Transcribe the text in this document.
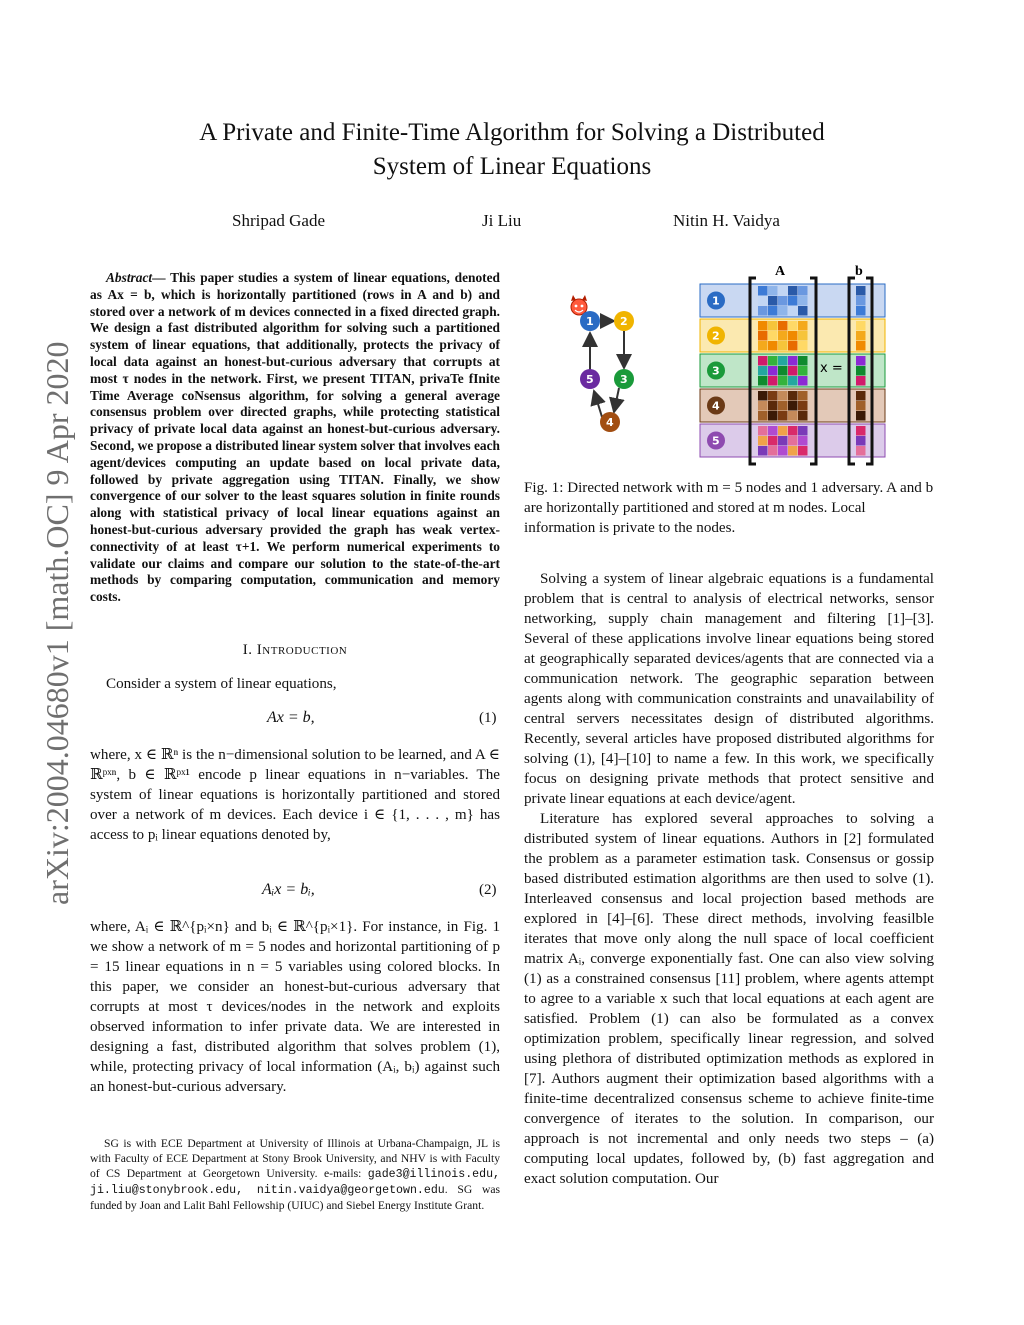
arXiv:2004.04680v1 [math.OC] 9 Apr 2020
A Private and Finite-Time Algorithm for Solving a Distributed
System of Linear Equations
Shripad Gade	Ji Liu	Nitin H. Vaidya
Abstract— This paper studies a system of linear equations, denoted as Ax = b, which is horizontally partitioned (rows in A and b) and stored over a network of m devices connected in a fixed directed graph. We design a fast distributed algorithm for solving such a partitioned system of linear equations, that additionally, protects the privacy of local data against an honest-but-curious adversary that corrupts at most τ nodes in the network. First, we present TITAN, privaTe fInite Time Average coNsensus algorithm, for solving a general average consensus problem over directed graphs, while protecting statistical privacy of private local data against an honest-but-curious adversary. Second, we propose a distributed linear system solver that involves each agent/devices computing an update based on local private data, followed by private aggregation using TITAN. Finally, we show convergence of our solver to the least squares solution in finite rounds along with statistical privacy of local linear equations against an honest-but-curious adversary provided the graph has weak vertex-connectivity of at least τ+1. We perform numerical experiments to validate our claims and compare our solution to the state-of-the-art methods by comparing computation, communication and memory costs.
I. Introduction

Consider a system of linear equations,

Ax = b,	(1)

where, x ∈ ℝⁿ is the n−dimensional solution to be learned, and A ∈ ℝᵖˣⁿ, b ∈ ℝᵖˣ¹ encode p linear equations in n−variables. The system of linear equations is horizontally partitioned and stored over a network of m devices. Each device i ∈ {1, . . . , m} has access to pᵢ linear equations denoted by,

Aᵢx = bᵢ,	(2)

where, Aᵢ ∈ ℝ^{pᵢ×n} and bᵢ ∈ ℝ^{pᵢ×1}. For instance, in Fig. 1 we show a network of m = 5 nodes and horizontal partitioning of p = 15 linear equations in n = 5 variables using colored blocks. In this paper, we consider an honest-but-curious adversary that corrupts at most τ devices/nodes in the network and exploits observed information to infer private data. We are interested in designing a fast, distributed algorithm that solves problem (1), while, protecting privacy of local information (Aᵢ, bᵢ) against such an honest-but-curious adversary.

SG is with ECE Department at University of Illinois at Urbana-Champaign, JL is with Faculty of ECE Department at Stony Brook University, and NHV is with Faculty of CS Department at Georgetown University. e-mails: gade3@illinois.edu, ji.liu@stonybrook.edu, nitin.vaidya@georgetown.edu. SG was funded by Joan and Lalit Bahl Fellowship (UIUC) and Siebel Energy Institute Grant.

1 2
3
4
5
1
2
3
4
5
A	b
x =
Fig. 1: Directed network with m = 5 nodes and 1 adversary. A and b are horizontally partitioned and stored at m nodes. Local information is private to the nodes.

Solving a system of linear algebraic equations is a fundamental problem that is central to analysis of electrical networks, sensor networking, supply chain management and filtering [1]–[3]. Several of these applications involve linear equations being stored at geographically separated devices/agents that are connected via a communication network. The geographic separation between agents along with communication constraints and unavailability of central servers necessitates design of distributed algorithms. Recently, several articles have proposed distributed algorithms for solving (1), [4]–[10] to name a few. In this work, we specifically focus on designing private methods that protect sensitive and private linear equations at each device/agent.

Literature has explored several approaches to solving a distributed system of linear equations. Authors in [2] formulated the problem as a parameter estimation task. Consensus or gossip based distributed estimation algorithms are then used to solve (1). Interleaved consensus and local projection based methods are explored in [4]–[6]. These direct methods, involving feasilble iterates that move only along the null space of local coefficient matrix Aᵢ, converge exponentially fast. One can also view solving (1) as a constrained consensus [11] problem, where agents attempt to agree to a variable x such that local equations at each agent are satisfied. Problem (1) can also be formulated as a convex optimization problem, specifically linear regression, and solved using plethora of distributed optimization methods as explored in [7]. Authors augment their optimization based algorithms with a finite-time decentralized consensus scheme to achieve finite-time convergence of iterates to the solution. In comparison, our approach is not incremental and only needs two steps – (a) computing local updates, followed by, (b) fast aggregation and exact solution computation. Our
